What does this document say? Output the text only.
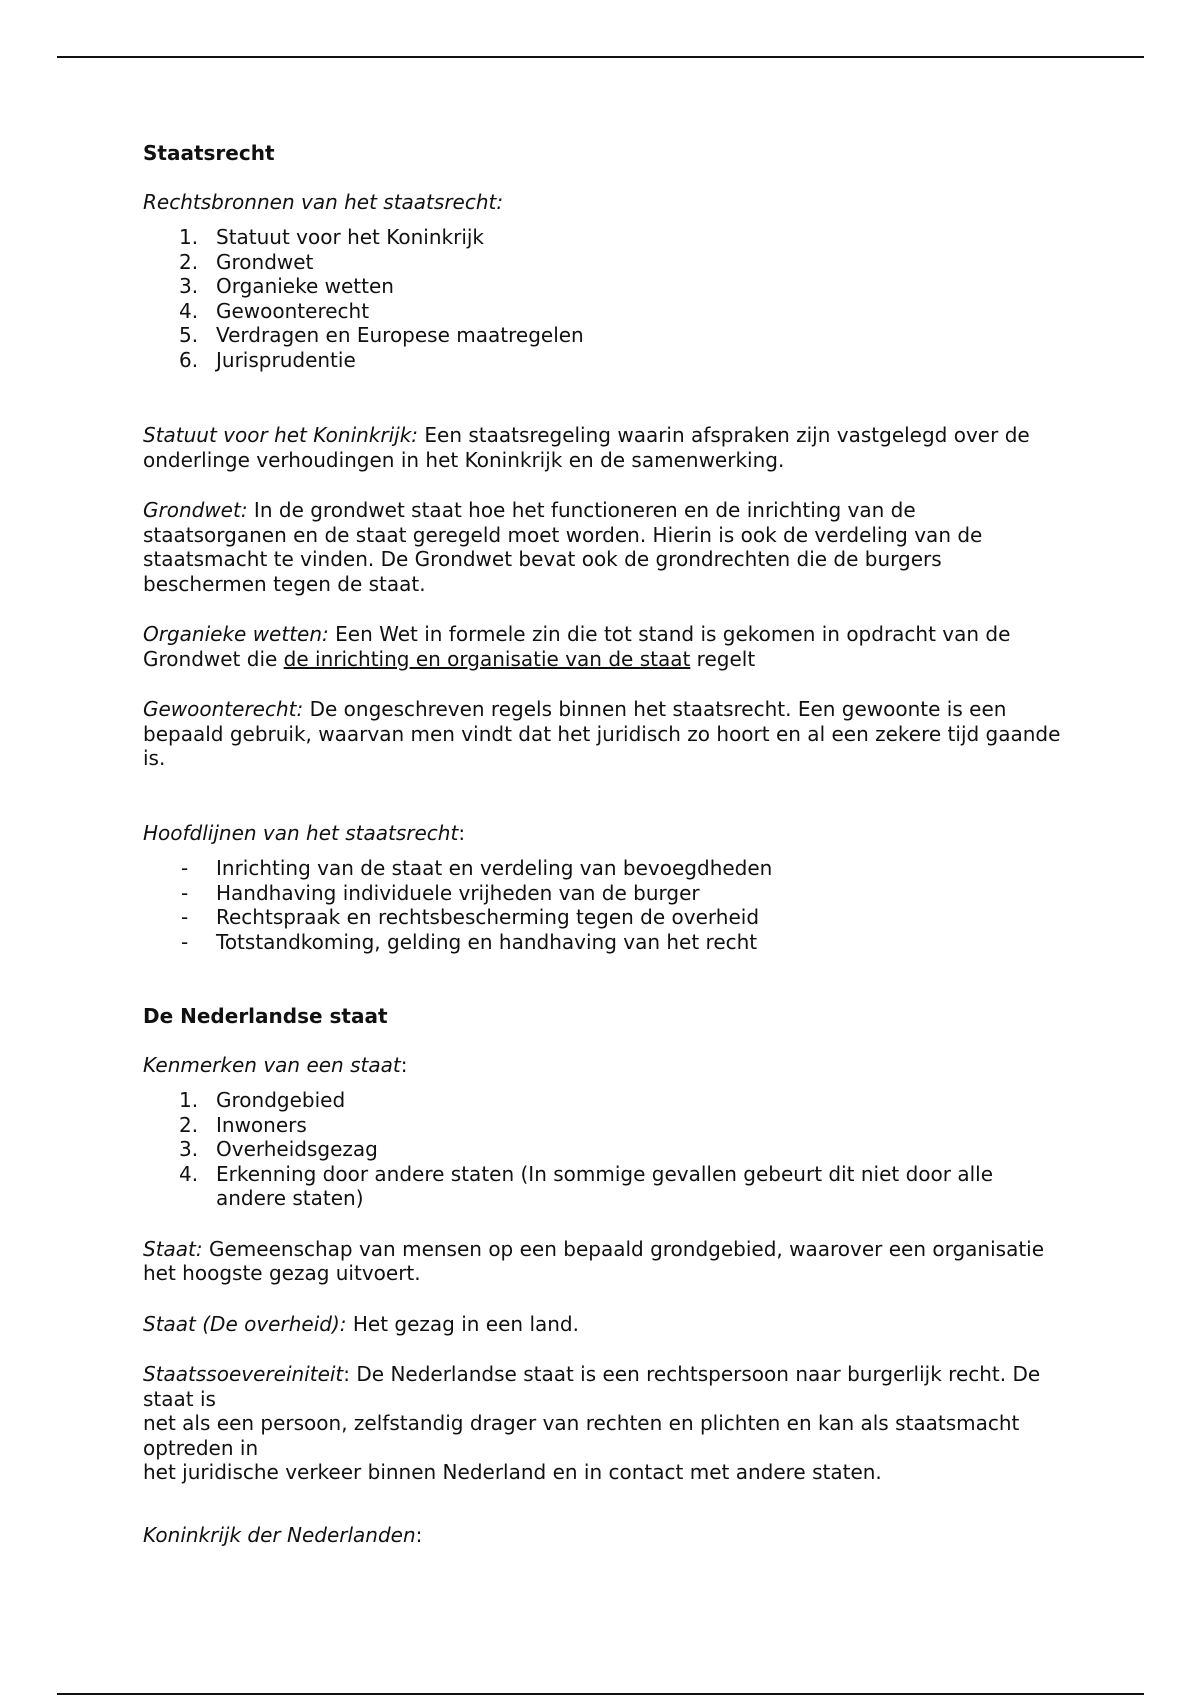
Staatsrecht

Rechtsbronnen van het staatsrecht:

1. Statuut voor het Koninkrijk
2. Grondwet
3. Organieke wetten
4. Gewoonterecht
5. Verdragen en Europese maatregelen
6. Jurisprudentie

Statuut voor het Koninkrijk: Een staatsregeling waarin afspraken zijn vastgelegd over de onderlinge verhoudingen in het Koninkrijk en de samenwerking.

Grondwet: In de grondwet staat hoe het functioneren en de inrichting van de staatsorganen en de staat geregeld moet worden. Hierin is ook de verdeling van de staatsmacht te vinden. De Grondwet bevat ook de grondrechten die de burgers beschermen tegen de staat.

Organieke wetten: Een Wet in formele zin die tot stand is gekomen in opdracht van de Grondwet die de inrichting en organisatie van de staat regelt

Gewoonterecht: De ongeschreven regels binnen het staatsrecht. Een gewoonte is een bepaald gebruik, waarvan men vindt dat het juridisch zo hoort en al een zekere tijd gaande is.

Hoofdlijnen van het staatsrecht:

- Inrichting van de staat en verdeling van bevoegdheden
- Handhaving individuele vrijheden van de burger
- Rechtspraak en rechtsbescherming tegen de overheid
- Totstandkoming, gelding en handhaving van het recht

De Nederlandse staat

Kenmerken van een staat:

1. Grondgebied
2. Inwoners
3. Overheidsgezag
4. Erkenning door andere staten (In sommige gevallen gebeurt dit niet door alle andere staten)

Staat: Gemeenschap van mensen op een bepaald grondgebied, waarover een organisatie het hoogste gezag uitvoert.

Staat (De overheid): Het gezag in een land.

Staatssoevereiniteit: De Nederlandse staat is een rechtspersoon naar burgerlijk recht. De staat is
net als een persoon, zelfstandig drager van rechten en plichten en kan als staatsmacht optreden in
het juridische verkeer binnen Nederland en in contact met andere staten.

Koninkrijk der Nederlanden:
